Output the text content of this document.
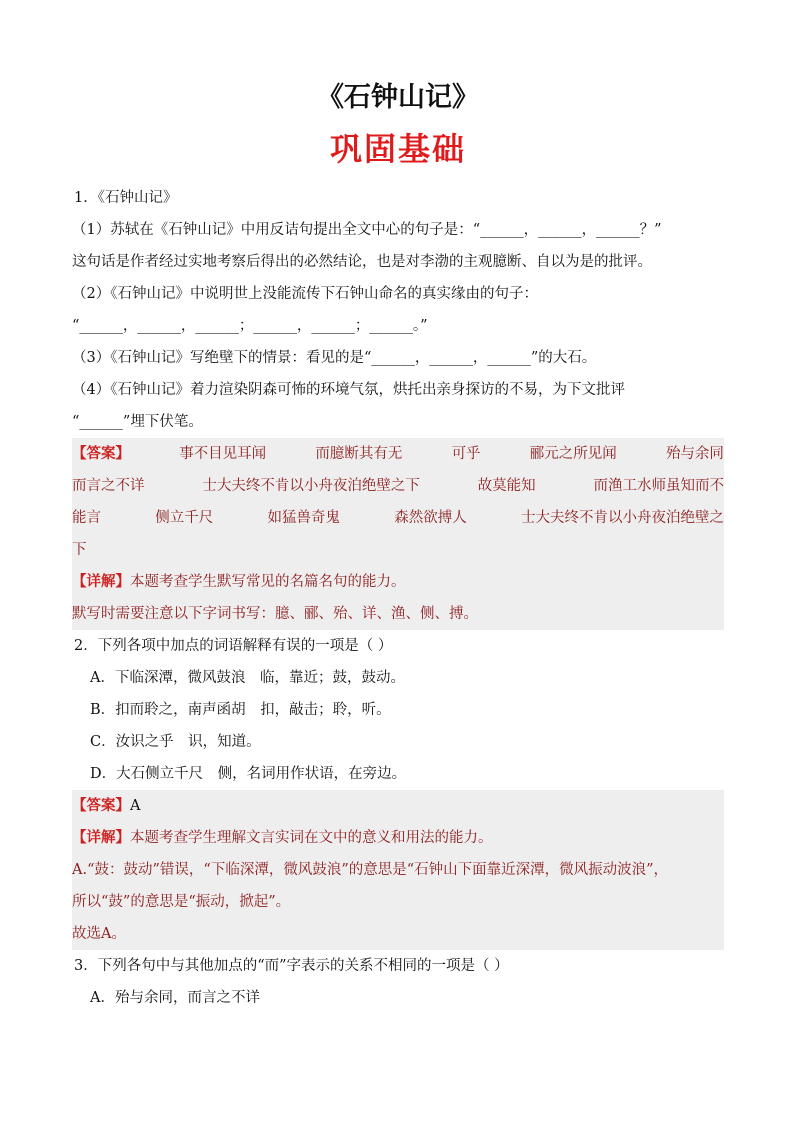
《石钟山记》
巩固基础
1．《石钟山记》
（1）苏轼在《石钟山记》中用反诘句提出全文中心的句子是：“______，______，______？”
这句话是作者经过实地考察后得出的必然结论，也是对李渤的主观臆断、自以为是的批评。
（2）《石钟山记》中说明世上没能流传下石钟山命名的真实缘由的句子：
“______，______，______；______，______；______。”
（3）《石钟山记》写绝壁下的情景：看见的是“______，______，______”的大石。
（4）《石钟山记》着力渲染阴森可怖的环境气氛，烘托出亲身探访的不易，为下文批评
“______”埋下伏笔。
【答案】	事不目见耳闻	而臆断其有无	可乎	郦元之所见闻	殆与余同
而言之不详	士大夫终不肯以小舟夜泊绝壁之下	故莫能知	而渔工水师虽知而不
能言	侧立千尺	如猛兽奇鬼	森然欲搏人	士大夫终不肯以小舟夜泊绝壁之
下
【详解】本题考查学生默写常见的名篇名句的能力。
默写时需要注意以下字词书写：臆、郦、殆、详、渔、侧、搏。
2．下列各项中加点的词语解释有误的一项是（ ）
A．下临深潭，微风鼓浪　临，靠近；鼓，鼓动。
B．扣而聆之，南声函胡　扣，敲击；聆，听。
C．汝识之乎　识，知道。
D．大石侧立千尺　侧，名词用作状语，在旁边。
【答案】A
【详解】本题考查学生理解文言实词在文中的意义和用法的能力。
A.“鼓：鼓动”错误，“下临深潭，微风鼓浪”的意思是“石钟山下面靠近深潭，微风振动波浪”，
所以“鼓”的意思是“振动，掀起”。
故选A。
3．下列各句中与其他加点的“而”字表示的关系不相同的一项是（ ）
A．殆与余同，而言之不详
